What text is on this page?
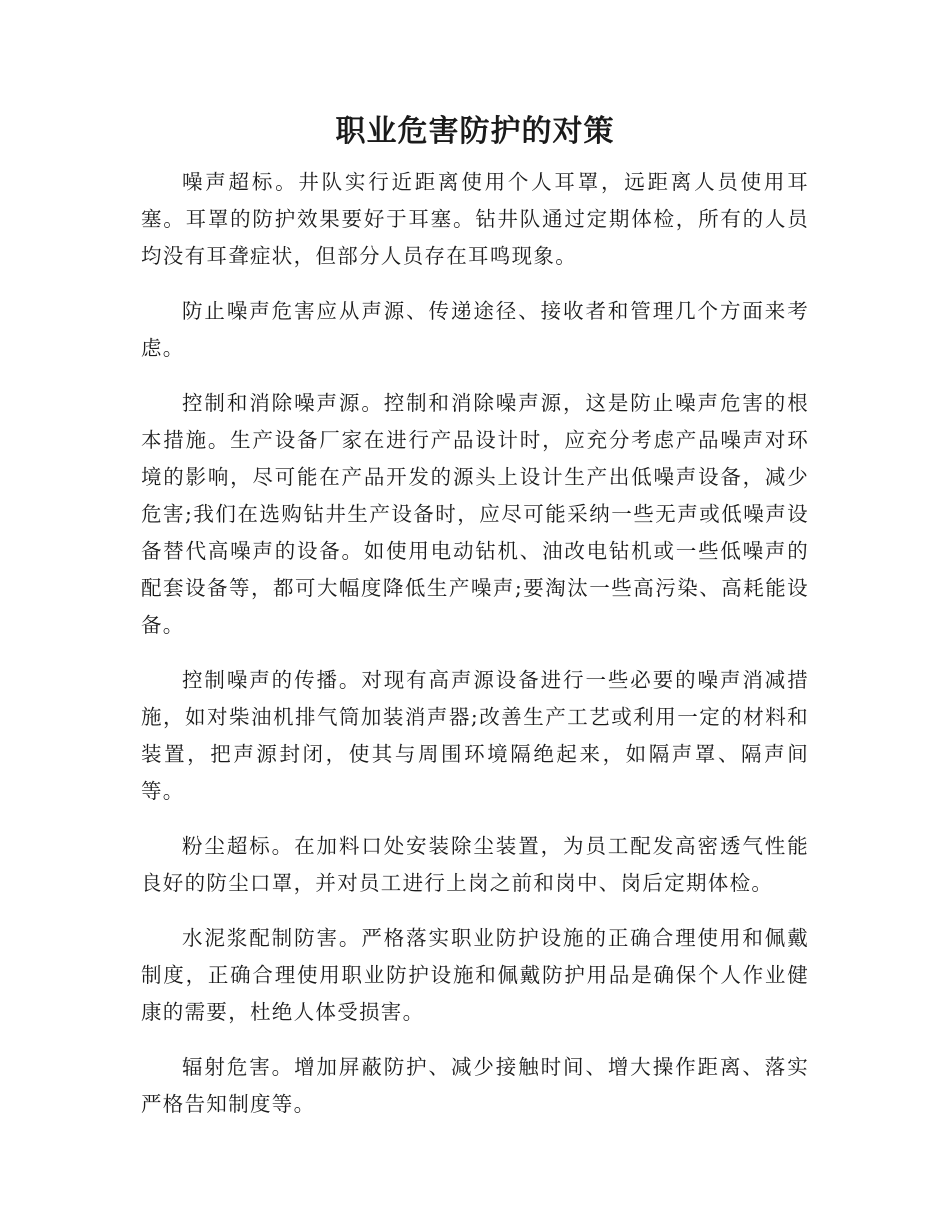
职业危害防护的对策

噪声超标。井队实行近距离使用个人耳罩，远距离人员使用耳塞。耳罩的防护效果要好于耳塞。钻井队通过定期体检，所有的人员均没有耳聋症状，但部分人员存在耳鸣现象。

防止噪声危害应从声源、传递途径、接收者和管理几个方面来考虑。

控制和消除噪声源。控制和消除噪声源，这是防止噪声危害的根本措施。生产设备厂家在进行产品设计时，应充分考虑产品噪声对环境的影响，尽可能在产品开发的源头上设计生产出低噪声设备，减少危害;我们在选购钻井生产设备时，应尽可能采纳一些无声或低噪声设备替代高噪声的设备。如使用电动钻机、油改电钻机或一些低噪声的配套设备等，都可大幅度降低生产噪声;要淘汰一些高污染、高耗能设备。

控制噪声的传播。对现有高声源设备进行一些必要的噪声消减措施，如对柴油机排气筒加装消声器;改善生产工艺或利用一定的材料和装置，把声源封闭，使其与周围环境隔绝起来，如隔声罩、隔声间等。

粉尘超标。在加料口处安装除尘装置，为员工配发高密透气性能良好的防尘口罩，并对员工进行上岗之前和岗中、岗后定期体检。

水泥浆配制防害。严格落实职业防护设施的正确合理使用和佩戴制度，正确合理使用职业防护设施和佩戴防护用品是确保个人作业健康的需要，杜绝人体受损害。

辐射危害。增加屏蔽防护、减少接触时间、增大操作距离、落实严格告知制度等。
